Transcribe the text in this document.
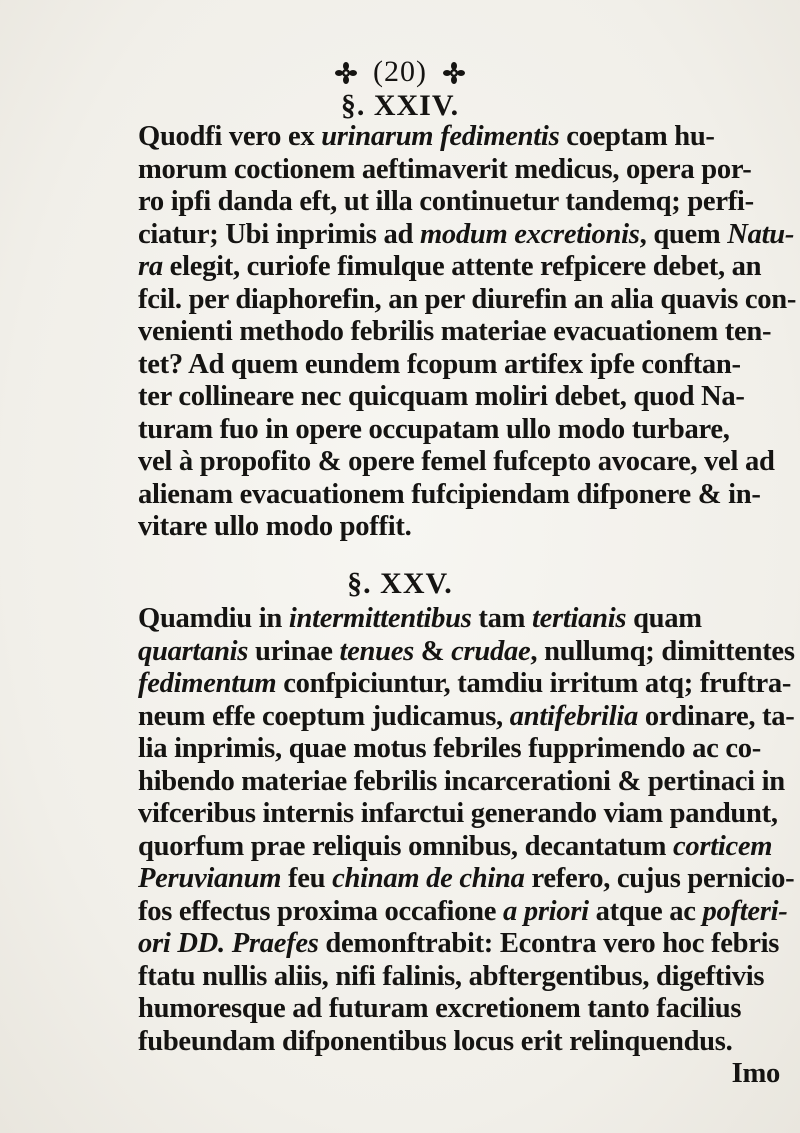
(20)
§. XXIV.
Quodfi vero ex urinarum fedimentis coeptam hu-
morum coctionem aeftimaverit medicus, opera por-
ro ipfi danda eft, ut illa continuetur tandemq; perfi-
ciatur; Ubi inprimis ad modum excretionis, quem Natu-
ra elegit, curiofe fimulque attente refpicere debet, an
fcil. per diaphorefin, an per diurefin an alia quavis con-
venienti methodo febrilis materiae evacuationem ten-
tet? Ad quem eundem fcopum artifex ipfe conftan-
ter collineare nec quicquam moliri debet, quod Na-
turam fuo in opere occupatam ullo modo turbare,
vel à propofito & opere femel fufcepto avocare, vel ad
alienam evacuationem fufcipiendam difponere & in-
vitare ullo modo poffit.
§. XXV.
Quamdiu in intermittentibus tam tertianis quam
quartanis urinae tenues & crudae, nullumq; dimittentes
fedimentum confpiciuntur, tamdiu irritum atq; fruftra-
neum effe coeptum judicamus, antifebrilia ordinare, ta-
lia inprimis, quae motus febriles fupprimendo ac co-
hibendo materiae febrilis incarcerationi & pertinaci in
vifceribus internis infarctui generando viam pandunt,
quorfum prae reliquis omnibus, decantatum corticem
Peruvianum feu chinam de china refero, cujus pernicio-
fos effectus proxima occafione a priori atque ac pofteri-
ori DD. Praefes demonftrabit: Econtra vero hoc febris
ftatu nullis aliis, nifi falinis, abftergentibus, digeftivis
humoresque ad futuram excretionem tanto facilius
fubeundam difponentibus locus erit relinquendus.
Imo
